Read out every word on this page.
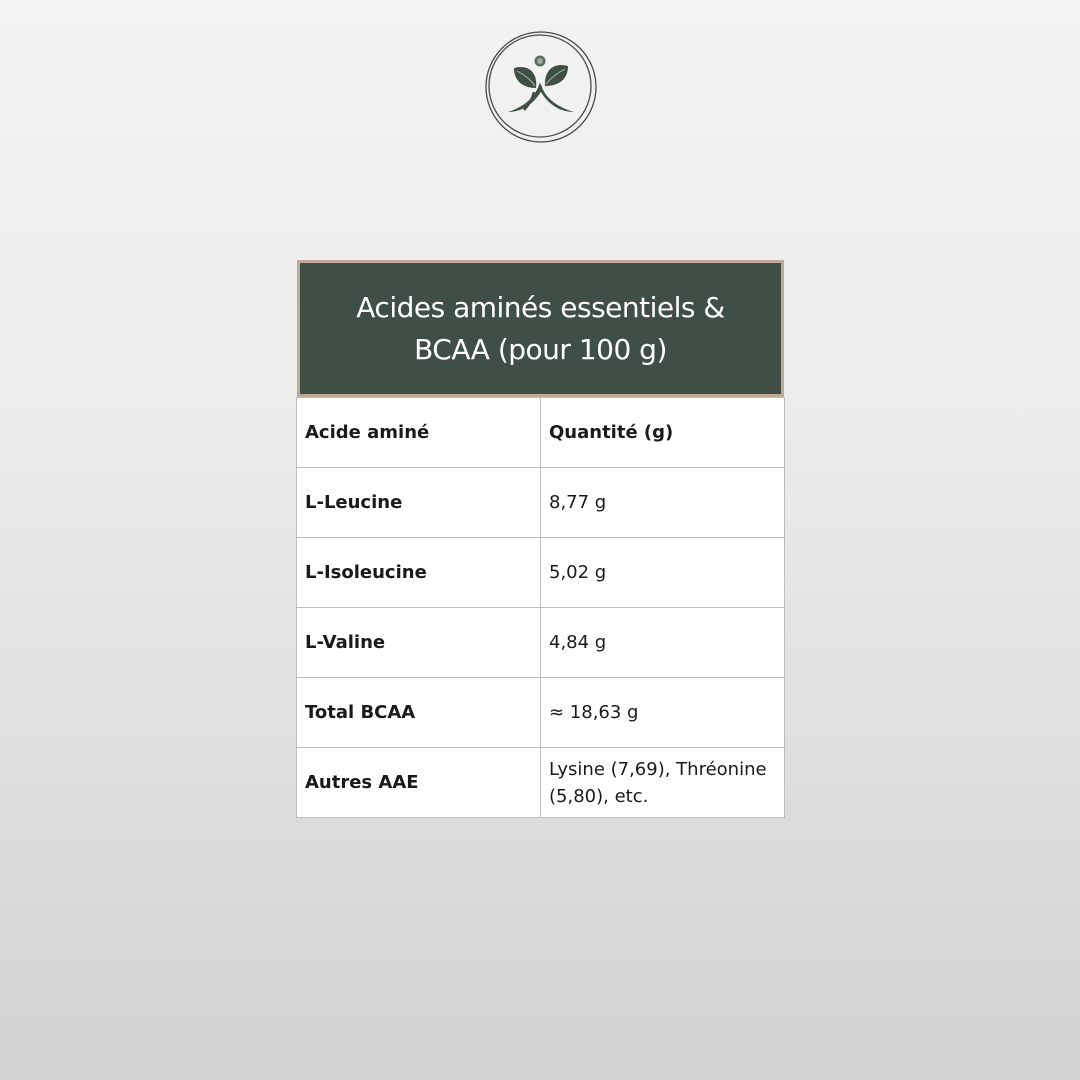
Acides aminés essentiels &
BCAA (pour 100 g)
Acide aminé	Quantité (g)
L-Leucine	8,77 g
L-Isoleucine	5,02 g
L-Valine	4,84 g
Total BCAA	≈ 18,63 g
Autres AAE	Lysine (7,69), Thréonine (5,80), etc.
